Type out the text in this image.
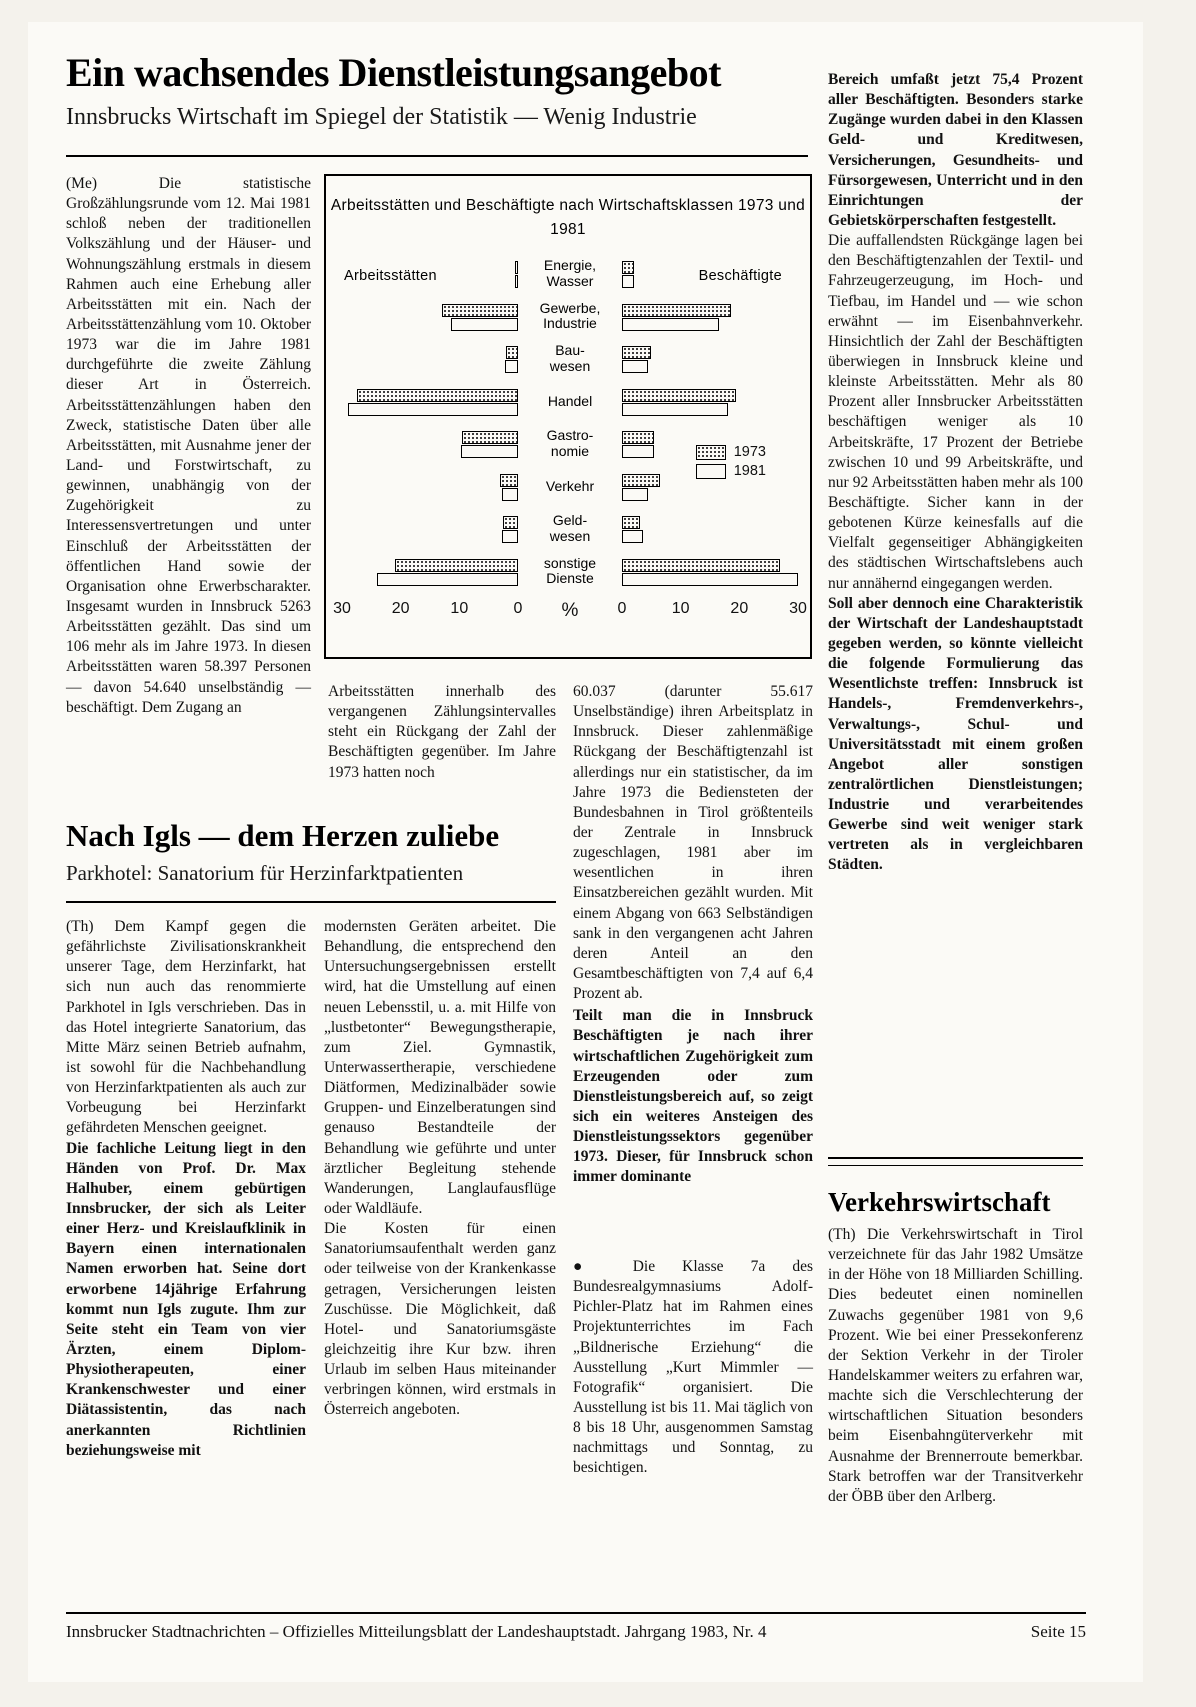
Ein wachsendes Dienstleistungsangebot
Innsbrucks Wirtschaft im Spiegel der Statistik — Wenig Industrie

(Me) Die statistische Großzählungsrunde vom 12. Mai 1981 schloß neben der traditionellen Volkszählung und der Häuser- und Wohnungszählung erstmals in diesem Rahmen auch eine Erhebung aller Arbeitsstätten mit ein. Nach der Arbeitsstättenzählung vom 10. Oktober 1973 war die im Jahre 1981 durchgeführte die zweite Zählung dieser Art in Österreich. Arbeitsstättenzählungen haben den Zweck, statistische Daten über alle Arbeitsstätten, mit Ausnahme jener der Land- und Forstwirtschaft, zu gewinnen, unabhängig von der Zugehörigkeit zu Interessensvertretungen und unter Einschluß der Arbeitsstätten der öffentlichen Hand sowie der Organisation ohne Erwerbscharakter. Insgesamt wurden in Innsbruck 5263 Arbeitsstätten gezählt. Das sind um 106 mehr als im Jahre 1973. In diesen Arbeitsstätten waren 58.397 Personen — davon 54.640 unselbständig — beschäftigt. Dem Zugang an

Arbeitsstätten und Beschäftigte nach Wirtschaftsklassen 1973 und 1981
Arbeitsstätten	Beschäftigte
Energie,
Wasser
Gewerbe,
Industrie
Bau-
wesen
Handel
Gastro-
nomie
Verkehr
Geld-
wesen
sonstige
Dienste
1973
1981
%
30	20	10	0	0	10	20	30

Arbeitsstätten innerhalb des vergangenen Zählungsintervalles steht ein Rückgang der Zahl der Beschäftigten gegenüber. Im Jahre 1973 hatten noch

60.037 (darunter 55.617 Unselbständige) ihren Arbeitsplatz in Innsbruck. Dieser zahlenmäßige Rückgang der Beschäftigtenzahl ist allerdings nur ein statistischer, da im Jahre 1973 die Bediensteten der Bundesbahnen in Tirol größtenteils der Zentrale in Innsbruck zugeschlagen, 1981 aber im wesentlichen in ihren Einsatzbereichen gezählt wurden. Mit einem Abgang von 663 Selbständigen sank in den vergangenen acht Jahren deren Anteil an den Gesamtbeschäftigten von 7,4 auf 6,4 Prozent ab.

Teilt man die in Innsbruck Beschäftigten je nach ihrer wirtschaftlichen Zugehörigkeit zum Erzeugenden oder zum Dienstleistungsbereich auf, so zeigt sich ein weiteres Ansteigen des Dienstleistungssektors gegenüber 1973. Dieser, für Innsbruck schon immer dominante

Bereich umfaßt jetzt 75,4 Prozent aller Beschäftigten. Besonders starke Zugänge wurden dabei in den Klassen Geld- und Kreditwesen, Versicherungen, Gesundheits- und Fürsorgewesen, Unterricht und in den Einrichtungen der Gebietskörperschaften festgestellt.

Die auffallendsten Rückgänge lagen bei den Beschäftigtenzahlen der Textil- und Fahrzeugerzeugung, im Hoch- und Tiefbau, im Handel und — wie schon erwähnt — im Eisenbahnverkehr. Hinsichtlich der Zahl der Beschäftigten überwiegen in Innsbruck kleine und kleinste Arbeitsstätten. Mehr als 80 Prozent aller Innsbrucker Arbeitsstätten beschäftigen weniger als 10 Arbeitskräfte, 17 Prozent der Betriebe zwischen 10 und 99 Arbeitskräfte, und nur 92 Arbeitsstätten haben mehr als 100 Beschäftigte. Sicher kann in der gebotenen Kürze keinesfalls auf die Vielfalt gegenseitiger Abhängigkeiten des städtischen Wirtschaftslebens auch nur annähernd eingegangen werden.

Soll aber dennoch eine Charakteristik der Wirtschaft der Landeshauptstadt gegeben werden, so könnte vielleicht die folgende Formulierung das Wesentlichste treffen: Innsbruck ist Handels-, Fremdenverkehrs-, Verwaltungs-, Schul- und Universitätsstadt mit einem großen Angebot aller sonstigen zentralörtlichen Dienstleistungen; Industrie und verarbeitendes Gewerbe sind weit weniger stark vertreten als in vergleichbaren Städten.

Nach Igls — dem Herzen zuliebe
Parkhotel: Sanatorium für Herzinfarktpatienten

(Th) Dem Kampf gegen die gefährlichste Zivilisationskrankheit unserer Tage, dem Herzinfarkt, hat sich nun auch das renommierte Parkhotel in Igls verschrieben. Das in das Hotel integrierte Sanatorium, das Mitte März seinen Betrieb aufnahm, ist sowohl für die Nachbehandlung von Herzinfarktpatienten als auch zur Vorbeugung bei Herzinfarkt gefährdeten Menschen geeignet.

Die fachliche Leitung liegt in den Händen von Prof. Dr. Max Halhuber, einem gebürtigen Innsbrucker, der sich als Leiter einer Herz- und Kreislaufklinik in Bayern einen internationalen Namen erworben hat. Seine dort erworbene 14jährige Erfahrung kommt nun Igls zugute. Ihm zur Seite steht ein Team von vier Ärzten, einem Diplom-Physiotherapeuten, einer Krankenschwester und einer Diätassistentin, das nach anerkannten Richtlinien beziehungsweise mit

modernsten Geräten arbeitet. Die Behandlung, die entsprechend den Untersuchungsergebnissen erstellt wird, hat die Umstellung auf einen neuen Lebensstil, u. a. mit Hilfe von „lustbetonter“ Bewegungstherapie, zum Ziel. Gymnastik, Unterwassertherapie, verschiedene Diätformen, Medizinalbäder sowie Gruppen- und Einzelberatungen sind genauso Bestandteile der Behandlung wie geführte und unter ärztlicher Begleitung stehende Wanderungen, Langlaufausflüge oder Waldläufe.

Die Kosten für einen Sanatoriumsaufenthalt werden ganz oder teilweise von der Krankenkasse getragen, Versicherungen leisten Zuschüsse. Die Möglichkeit, daß Hotel- und Sanatoriumsgäste gleichzeitig ihre Kur bzw. ihren Urlaub im selben Haus miteinander verbringen können, wird erstmals in Österreich angeboten.

● Die Klasse 7a des Bundesrealgymnasiums Adolf-Pichler-Platz hat im Rahmen eines Projektunterrichtes im Fach „Bildnerische Erziehung“ die Ausstellung „Kurt Mimmler — Fotografik“ organisiert. Die Ausstellung ist bis 11. Mai täglich von 8 bis 18 Uhr, ausgenommen Samstag nachmittags und Sonntag, zu besichtigen.

Verkehrswirtschaft

(Th) Die Verkehrswirtschaft in Tirol verzeichnete für das Jahr 1982 Umsätze in der Höhe von 18 Milliarden Schilling. Dies bedeutet einen nominellen Zuwachs gegenüber 1981 von 9,6 Prozent. Wie bei einer Pressekonferenz der Sektion Verkehr in der Tiroler Handelskammer weiters zu erfahren war, machte sich die Verschlechterung der wirtschaftlichen Situation besonders beim Eisenbahngüterverkehr mit Ausnahme der Brennerroute bemerkbar. Stark betroffen war der Transitverkehr der ÖBB über den Arlberg.

Innsbrucker Stadtnachrichten – Offizielles Mitteilungsblatt der Landeshauptstadt. Jahrgang 1983, Nr. 4	Seite 15
